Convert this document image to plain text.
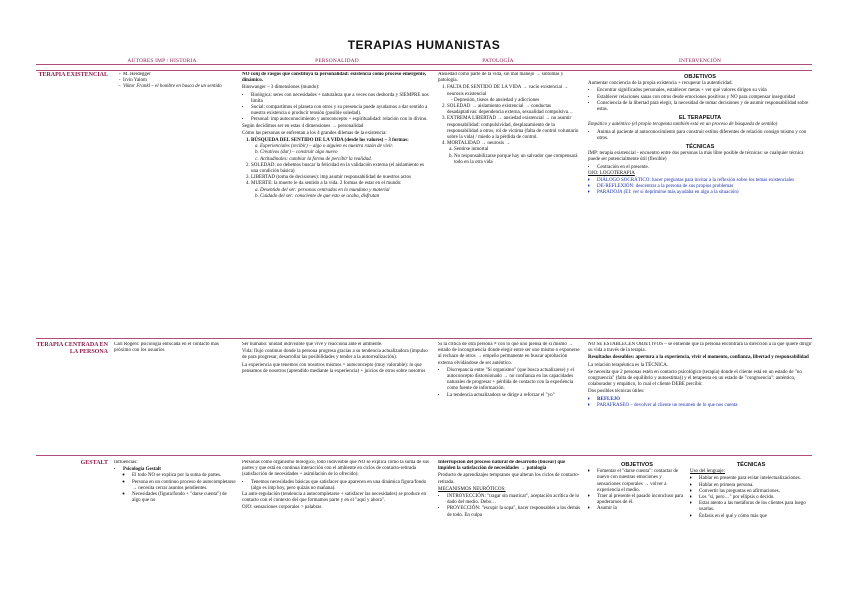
TERAPIAS HUMANISTAS
AUTORES IMP / HISTORIA	PERSONALIDAD	PATOLOGÍA	INTERVENCIÓN
TERAPIA EXISTENCIAL
-	M. Heidegger
- Irvin Yalom
- Viktor Frankl – el hombre en busca de un sentido

NO conj de rasgos que constituya la personalidad: existencia como proceso emergente, dinámico.

Binswanger – 3 dimensiones (mundo):

• Biológica: seres con necesidades + naturaleza que a veces nos desborda y SIEMPRE nos limita
• Social: compartimos el planeta con otros y su presencia puede ayudarnos a dar sentido a nuestra existencia o producir tensión (posible soledad).
• Personal: imp autoconocimiento y autoconcepto + espiritualidad: relación con lo divino.

Según decidimos ser en estas 4 dimensiones → personalidad

Cómo las personas se enfrentan a los 4 grandes dilemas de la existencia:

1. BÚSQUEDA DEL SENTIDO DE LA VIDA (desde los valores) – 3 formas:
a. Experienciales (recibir) – algo o alguien es nuestra razón de vivir.
b. Creativos (dar) – construir algo nuevo
c. Actitudinales: cambiar la forma de percibir la realidad.
2. SOLEDAD: no debemos buscar la felicidad en la validación externa (el aislamiento es una condición básica)
3. LIBERTAD (toma de decisiones): imp asumir responsabilidad de nuestros actos
4. MUERTE: la muerte le da sentido a la vida. 2 formas de estar en el mundo:
a. Desentido del ser: personas centradas en lo mundano y material
b. Cuidado del ser: consciente de que esto se acaba, disfrutan

Ansiedad como parte de la vida, sin mal manejo → síntomas y patología.

1. FALTA DE SENTIDO DE LA VIDA → vacío existencial → neurosis existencial
- Depresión, tiseos de ansiedad y adicciones
2. SOLEDAD → aislamiento existencial → conductas desadaptativas: dependencia externa, sexualidad compulsiva…
3. EXTREMA LIBERTAD → ansiedad existencial → no asumir responsabilidad: compulsividad, desplazamiento de la responsabilidad a otros, rol de víctima (falta de control voluntario sobre la vida) / miedo a la pérdida de control.
4. MORTALIDAD → neurosis →
a. Sentirse inmortal
b. No responsabilizarse porque hay un salvador que compensará todo en la otra vida
OBJETIVOS

Aumentar conciencia de la propia existencia + recuperar la autenticidad.

• Encontrar significados personales, establecer metas + ver qué valores dirigen su vida
• Establecer relaciones sanas con otros desde emociones positivas y NO para compensar inseguridad
• Consciencia de la libertad para elegir, la necesidad de tomar decisiones y de asumir responsabilidad sobre estas.
EL TERAPEUTA

Empático y auténtico (el propio terapeuta también está en un proceso de búsqueda de sentido)

• Anima al paciente al autoconocimiento para construir estilos diferentes de relación consigo mismo y con otros.
TÉCNICAS

IMP: terapia existencial - encuentro entre dos personas la más libre posible de técnicas: se cualquier técnica puede ser potencialmente útil (flexible)

• Centración en el presente.

OJO: LOGOTERAPIA

◦ DIÁLOGO SOCRÁTICO: hacer preguntas para invitar a la reflexión sobre los temas existenciales
◦ DE-REFLEXIÓN: descentrar a la persona de sus propios problemas
◦ PARADOJA (EI: ver si deprimirse más ayudaba en algo a la situación)
TERAPIA CENTRADA EN LA PERSONA

Carl Rogers: psicología enfocada en el contacto más próximo con los usuarios

Ser humano: unidad indivisible que vive y reacciona ante el ambiente.

Vida: flujo continuo donde la persona progresa gracias a su tendencia actualizadora (impulso de para progresar, desarrollar las posibilidades y tender a la autorrealización).

La experiencia que tenemos con nosotros mismos = autoconcepto (muy valorable): lo que pensamos de nosotros (aprendido mediante la experiencia) + juicios de otros sobre nosotros

Si la crítica de otra persona ≠ con lo que uno piensa de sí mismo → estado de incongruencia donde elegir entre ser uno mismo o exponerse al rechazo de otros → empeño permanente en buscar aprobación externa olvidándose de ser auténtico.

• Discrepancia entre "Sí organismo" (que busca actualizarse) y el autoconcepto distorsionado → no confianza en las capacidades naturales de progresar + pérdida de contacto con la experiencia como fuente de información.
• La tendencia actualizadora se dirige a reforzar el "yo"

NO SE ESTABLECEN OBJETIVOS – se entiende que la persona encontrará la dirección a la que quiere dirigir su vida a través de la terapia.

Resultados deseables: apertura a la experiencia, vivir el momento, confianza, libertad y responsabilidad

La relación terapéutica es la TÉCNICA.

Se necesita que 2 personas estén en contacto psicológico (terapia) donde el cliente está en un estado de "no congruencia" (falta de equilibrio y autoestima)) y el terapeuta en un estado de "congruencia": auténtico, colaborador y empático, lo cual el cliente DEBE percibir.

Dos posibles técnicas útiles:

◦ REFLEJO
◦ PARAFRASEO – devolver al cliente un resumen de lo que nos cuenta
GESTALT Influencias:

• Psicología Gestalt
◦ El todo NO se explica por la suma de partes.
◦ Persona en un continuo proceso de autocompletarse → necesita cerrar asuntos pendientes.
◦ Necesidades (figura/fondo + "darse cuenta") de algo que no

Personas como organismo biológico, todo indivisible que NO se explica como la suma de sus partes y que está en continua interacción con el ambiente en ciclos de contacto-retirada (satisfacción de necesidades + asimilación de lo ofrecido).

• Tenemos necesidades básicas que satisfacer que aparecen en una dinámica figura/fondo (algo es imp hoy, pero quizás no mañana).

La auto-regulación (tendencia a autocompletarse + satisfacer las necesidades) se produce en contacto con el contexto del que formamos parte y en el "aquí y ahora".

OJO: sensaciones corporales > palabras

Interrupción del proceso natural de desarrollo (bucear) que impiden la satisfacción de necesidades → patología

Producto de aprendizajes tempranos que alteran los ciclos de contacto-retirada.

MECANISMOS NEURÓTICOS:

• INTROYECCIÓN: "tragar sin masticar", aceptación acrítica de lo dado del medio. Debo…
• PROYECCIÓN: "escupir la sopa", hacer responsables a los demás de todo. En culpa
OBJETIVOS
◦ Fomentar el "darse cuenta": contactar de nuevo con nuestras emociones y sensaciones corporales → volver a experiencia el medio.
◦ Traer al presente el pasado inconcluso para apoderarnos de él.
◦ Asumir la
TÉCNICAS

Uso del lenguaje:

◦ Hablar en presente para evitar intelectualizaciones.
◦ Hablar en primera persona.
◦ Convertir las preguntas en afirmaciones.
◦ Los "si, pero…" por ellipsis o decido.
◦ Estar atento a las metáforas de los clientes para luego usarlas.
◦ Énfasis en el qué y cómo más que
